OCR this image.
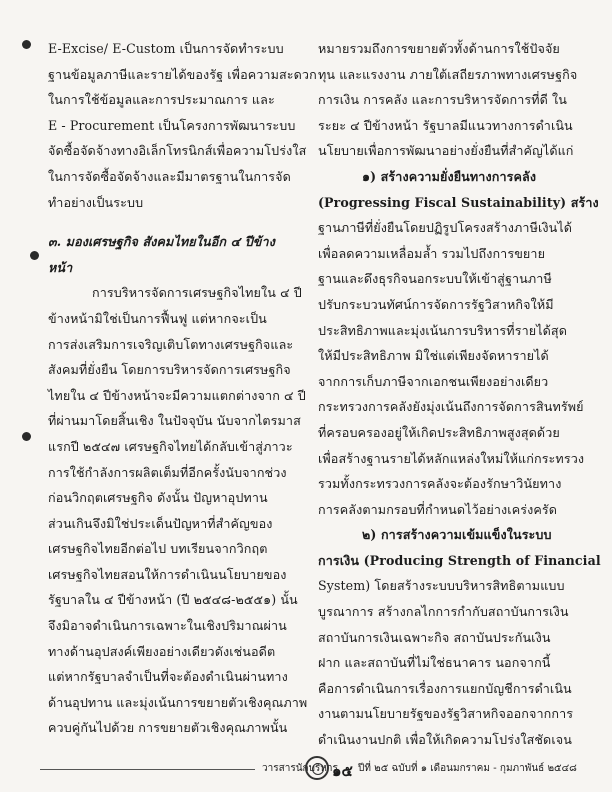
E-Excise/ E-Custom เป็นการจัดทำระบบ
ฐานข้อมูลภาษีและรายได้ของรัฐ เพื่อความสะดวก
ในการใช้ข้อมูลและการประมาณการ และ
E - Procurement เป็นโครงการพัฒนาระบบ
จัดซื้อจัดจ้างทางอิเล็กโทรนิกส์เพื่อความโปร่งใส
ในการจัดซื้อจัดจ้างและมีมาตรฐานในการจัด
ทำอย่างเป็นระบบ
๓. มองเศรษฐกิจ สังคมไทยในอีก ๔ ปีข้าง
หน้า
การบริหารจัดการเศรษฐกิจไทยใน ๔ ปี
ข้างหน้ามิใช่เป็นการฟื้นฟู แต่หากจะเป็น
การส่งเสริมการเจริญเติบโตทางเศรษฐกิจและ
สังคมที่ยั่งยืน โดยการบริหารจัดการเศรษฐกิจ
ไทยใน ๔ ปีข้างหน้าจะมีความแตกต่างจาก ๔ ปี
ที่ผ่านมาโดยสิ้นเชิง ในปัจจุบัน นับจากไตรมาส
แรกปี ๒๕๔๗ เศรษฐกิจไทยได้กลับเข้าสู่ภาวะ
การใช้กำลังการผลิตเต็มที่อีกครั้งนับจากช่วง
ก่อนวิกฤตเศรษฐกิจ ดังนั้น ปัญหาอุปทาน
ส่วนเกินจึงมิใช่ประเด็นปัญหาที่สำคัญของ
เศรษฐกิจไทยอีกต่อไป บทเรียนจากวิกฤต
เศรษฐกิจไทยสอนให้การดำเนินนโยบายของ
รัฐบาลใน ๔ ปีข้างหน้า (ปี ๒๕๔๘-๒๕๕๑) นั้น
จึงมิอาจดำเนินการเฉพาะในเชิงปริมาณผ่าน
ทางด้านอุปสงค์เพียงอย่างเดียวดังเช่นอดีต
แต่หากรัฐบาลจำเป็นที่จะต้องดำเนินผ่านทาง
ด้านอุปทาน และมุ่งเน้นการขยายตัวเชิงคุณภาพ
ควบคู่กันไปด้วย การขยายตัวเชิงคุณภาพนั้น
หมายรวมถึงการขยายตัวทั้งด้านการใช้ปัจจัย
ทุน และแรงงาน ภายใต้เสถียรภาพทางเศรษฐกิจ
การเงิน การคลัง และการบริหารจัดการที่ดี ใน
ระยะ ๔ ปีข้างหน้า รัฐบาลมีแนวทางการดำเนิน
นโยบายเพื่อการพัฒนาอย่างยั่งยืนที่สำคัญได้แก่
๑) สร้างความยั่งยืนทางการคลัง
(Progressing Fiscal Sustainability) สร้าง
ฐานภาษีที่ยั่งยืนโดยปฏิรูปโครงสร้างภาษีเงินได้
เพื่อลดความเหลื่อมล้ำ รวมไปถึงการขยาย
ฐานและดึงธุรกิจนอกระบบให้เข้าสู่ฐานภาษี
ปรับกระบวนทัศน์การจัดการรัฐวิสาหกิจให้มี
ประสิทธิภาพและมุ่งเน้นการบริหารที่รายได้สุด
ให้มีประสิทธิภาพ มิใช่แต่เพียงจัดหารายได้
จากการเก็บภาษีจากเอกชนเพียงอย่างเดียว
กระทรวงการคลังยังมุ่งเน้นถึงการจัดการสินทรัพย์
ที่ครอบครองอยู่ให้เกิดประสิทธิภาพสูงสุดด้วย
เพื่อสร้างฐานรายได้หลักแหล่งใหม่ให้แก่กระทรวง
รวมทั้งกระทรวงการคลังจะต้องรักษาวินัยทาง
การคลังตามกรอบที่กำหนดไว้อย่างเคร่งครัด
๒) การสร้างความเข้มแข็งในระบบ
การเงิน (Producing Strength of Financial
System) โดยสร้างระบบบริหารสิทธิตามแบบ
บูรณาการ สร้างกลไกการกำกับสถาบันการเงิน
สถาบันการเงินเฉพาะกิจ สถาบันประกันเงิน
ฝาก และสถาบันที่ไม่ใช่ธนาคาร นอกจากนี้
คือการดำเนินการเรื่องการแยกบัญชีการดำเนิน
งานตามนโยบายรัฐของรัฐวิสาหกิจออกจากการ
ดำเนินงานปกติ เพื่อให้เกิดความโปร่งใสชัดเจน
วารสารนักบริหาร
๑๕ ปีที่ ๒๕ ฉบับที่ ๑ เดือนมกราคม - กุมภาพันธ์ ๒๕๔๘
